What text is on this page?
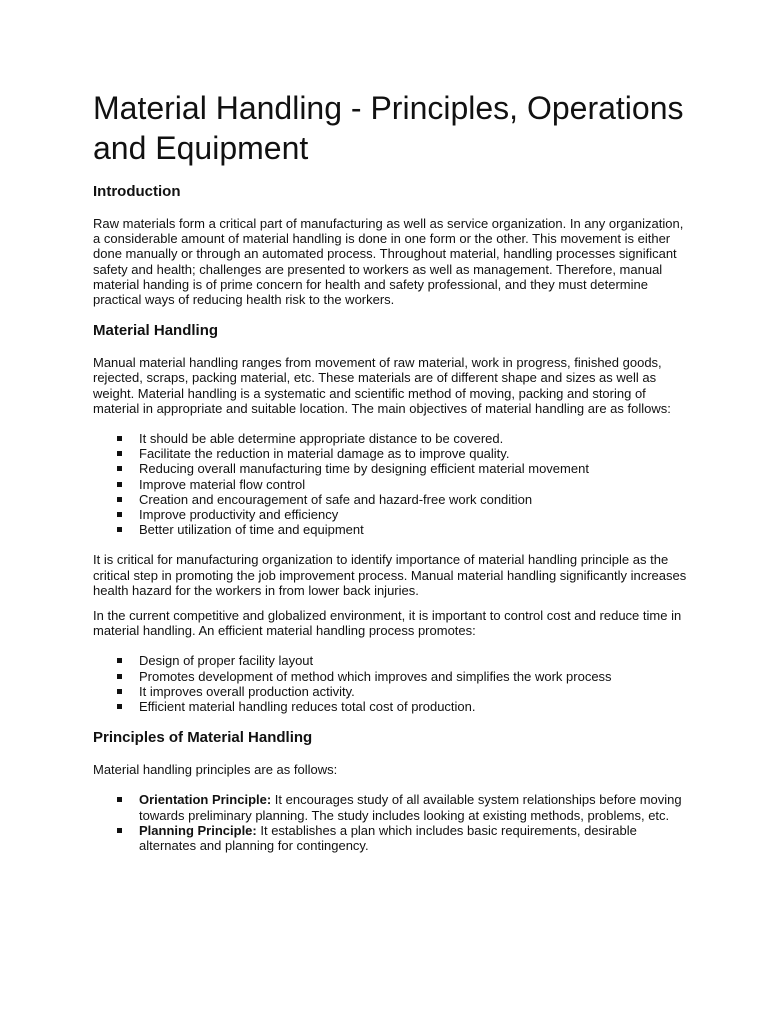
Material Handling - Principles, Operations and Equipment
Introduction

Raw materials form a critical part of manufacturing as well as service organization. In any organization, a considerable amount of material handling is done in one form or the other. This movement is either done manually or through an automated process. Throughout material, handling processes significant safety and health; challenges are presented to workers as well as management. Therefore, manual material handing is of prime concern for health and safety professional, and they must determine practical ways of reducing health risk to the workers.

Material Handling

Manual material handling ranges from movement of raw material, work in progress, finished goods, rejected, scraps, packing material, etc. These materials are of different shape and sizes as well as weight. Material handling is a systematic and scientific method of moving, packing and storing of material in appropriate and suitable location. The main objectives of material handling are as follows:

It should be able determine appropriate distance to be covered.
Facilitate the reduction in material damage as to improve quality.
Reducing overall manufacturing time by designing efficient material movement
Improve material flow control
Creation and encouragement of safe and hazard-free work condition
Improve productivity and efficiency
Better utilization of time and equipment

It is critical for manufacturing organization to identify importance of material handling principle as the critical step in promoting the job improvement process. Manual material handling significantly increases health hazard for the workers in from lower back injuries.

In the current competitive and globalized environment, it is important to control cost and reduce time in material handling. An efficient material handling process promotes:

Design of proper facility layout
Promotes development of method which improves and simplifies the work process
It improves overall production activity.
Efficient material handling reduces total cost of production.
Principles of Material Handling

Material handling principles are as follows:

Orientation Principle: It encourages study of all available system relationships before moving towards preliminary planning. The study includes looking at existing methods, problems, etc.
Planning Principle: It establishes a plan which includes basic requirements, desirable alternates and planning for contingency.
